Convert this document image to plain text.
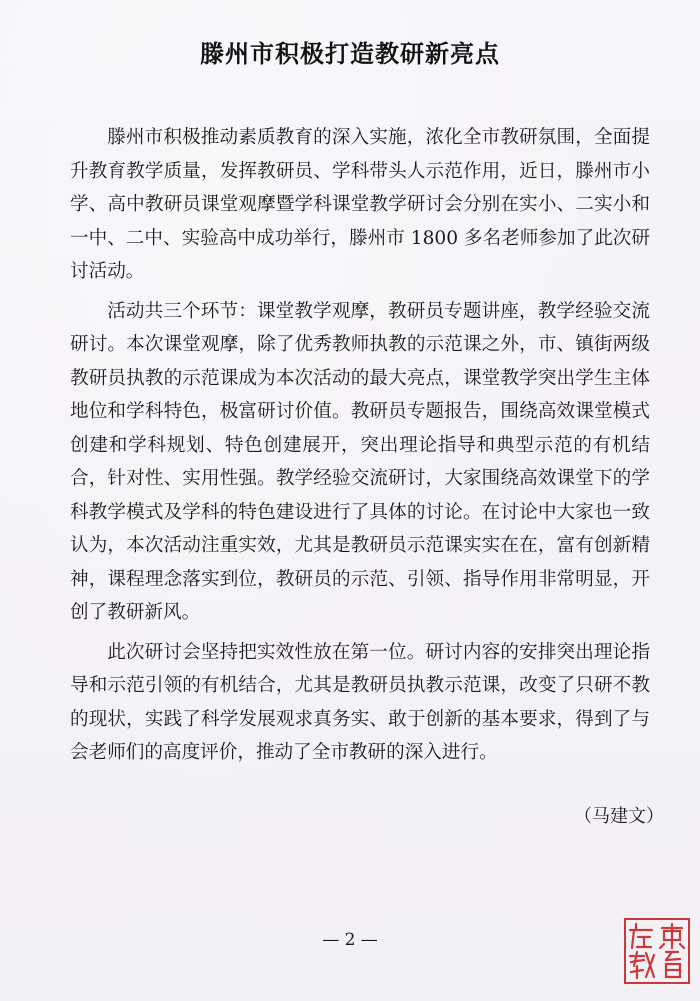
滕州市积极打造教研新亮点

滕州市积极推动素质教育的深入实施，浓化全市教研氛围，全面提升教育教学质量，发挥教研员、学科带头人示范作用，近日，滕州市小学、高中教研员课堂观摩暨学科课堂教学研讨会分别在实小、二实小和一中、二中、实验高中成功举行，滕州市 1800 多名老师参加了此次研讨活动。

活动共三个环节：课堂教学观摩，教研员专题讲座，教学经验交流研讨。本次课堂观摩，除了优秀教师执教的示范课之外，市、镇街两级教研员执教的示范课成为本次活动的最大亮点，课堂教学突出学生主体地位和学科特色，极富研讨价值。教研员专题报告，围绕高效课堂模式创建和学科规划、特色创建展开，突出理论指导和典型示范的有机结合，针对性、实用性强。教学经验交流研讨，大家围绕高效课堂下的学科教学模式及学科的特色建设进行了具体的讨论。在讨论中大家也一致认为，本次活动注重实效，尤其是教研员示范课实实在在，富有创新精神，课程理念落实到位，教研员的示范、引领、指导作用非常明显，开创了教研新风。

此次研讨会坚持把实效性放在第一位。研讨内容的安排突出理论指导和示范引领的有机结合，尤其是教研员执教示范课，改变了只研不教的现状，实践了科学发展观求真务实、敢于创新的基本要求，得到了与会老师们的高度评价，推动了全市教研的深入进行。

（马建文）
— 2 —
